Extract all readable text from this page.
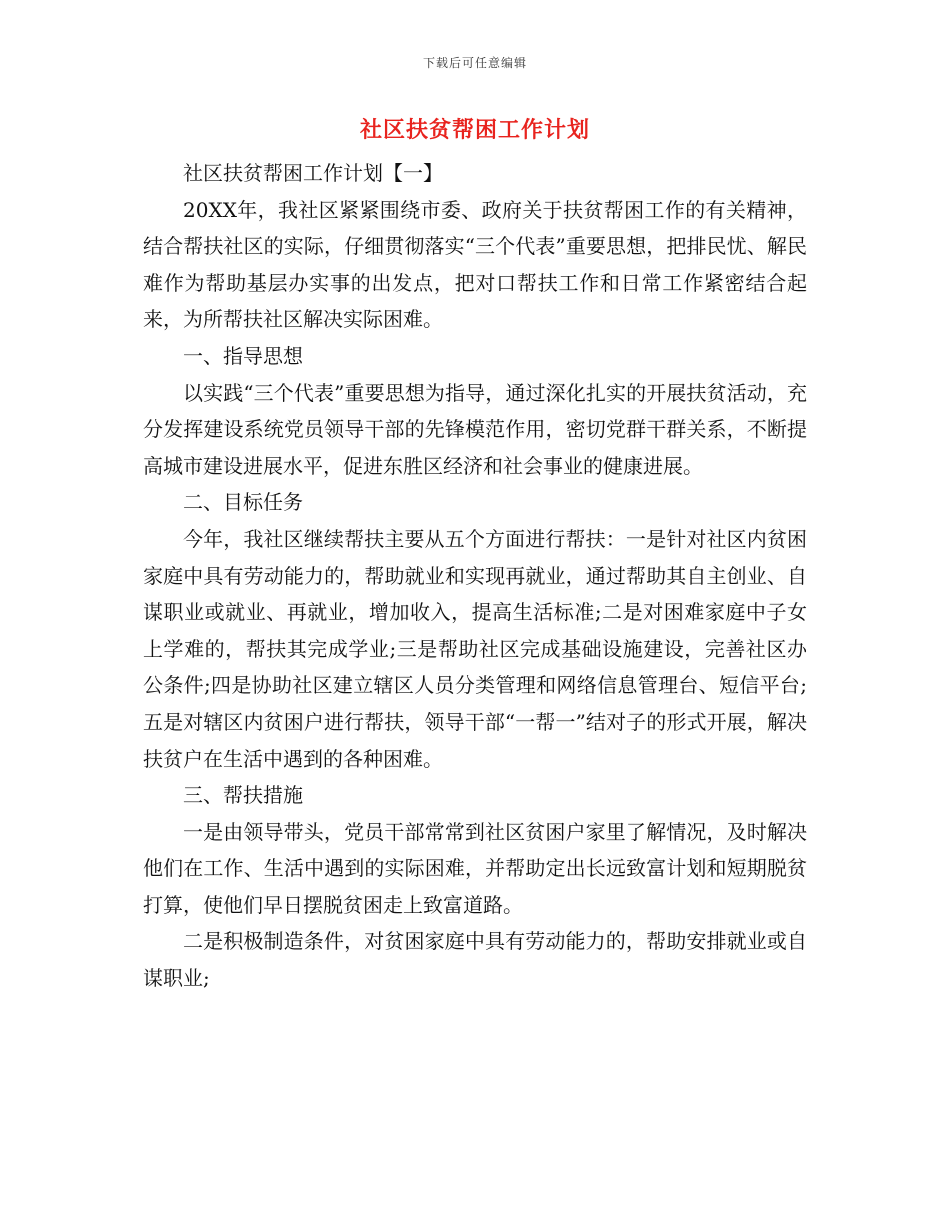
下载后可任意编辑
社区扶贫帮困工作计划

社区扶贫帮困工作计划【一】

20XX年，我社区紧紧围绕市委、政府关于扶贫帮困工作的有关精神，结合帮扶社区的实际，仔细贯彻落实“三个代表”重要思想，把排民忧、解民难作为帮助基层办实事的出发点，把对口帮扶工作和日常工作紧密结合起来，为所帮扶社区解决实际困难。

一、指导思想

以实践“三个代表”重要思想为指导，通过深化扎实的开展扶贫活动，充分发挥建设系统党员领导干部的先锋模范作用，密切党群干群关系，不断提高城市建设进展水平，促进东胜区经济和社会事业的健康进展。

二、目标任务

今年，我社区继续帮扶主要从五个方面进行帮扶：一是针对社区内贫困家庭中具有劳动能力的，帮助就业和实现再就业，通过帮助其自主创业、自谋职业或就业、再就业，增加收入，提高生活标准;二是对困难家庭中子女上学难的，帮扶其完成学业;三是帮助社区完成基础设施建设，完善社区办公条件;四是协助社区建立辖区人员分类管理和网络信息管理台、短信平台;五是对辖区内贫困户进行帮扶，领导干部“一帮一”结对子的形式开展，解决扶贫户在生活中遇到的各种困难。

三、帮扶措施

一是由领导带头，党员干部常常到社区贫困户家里了解情况，及时解决他们在工作、生活中遇到的实际困难，并帮助定出长远致富计划和短期脱贫打算，使他们早日摆脱贫困走上致富道路。

二是积极制造条件，对贫困家庭中具有劳动能力的，帮助安排就业或自谋职业;
